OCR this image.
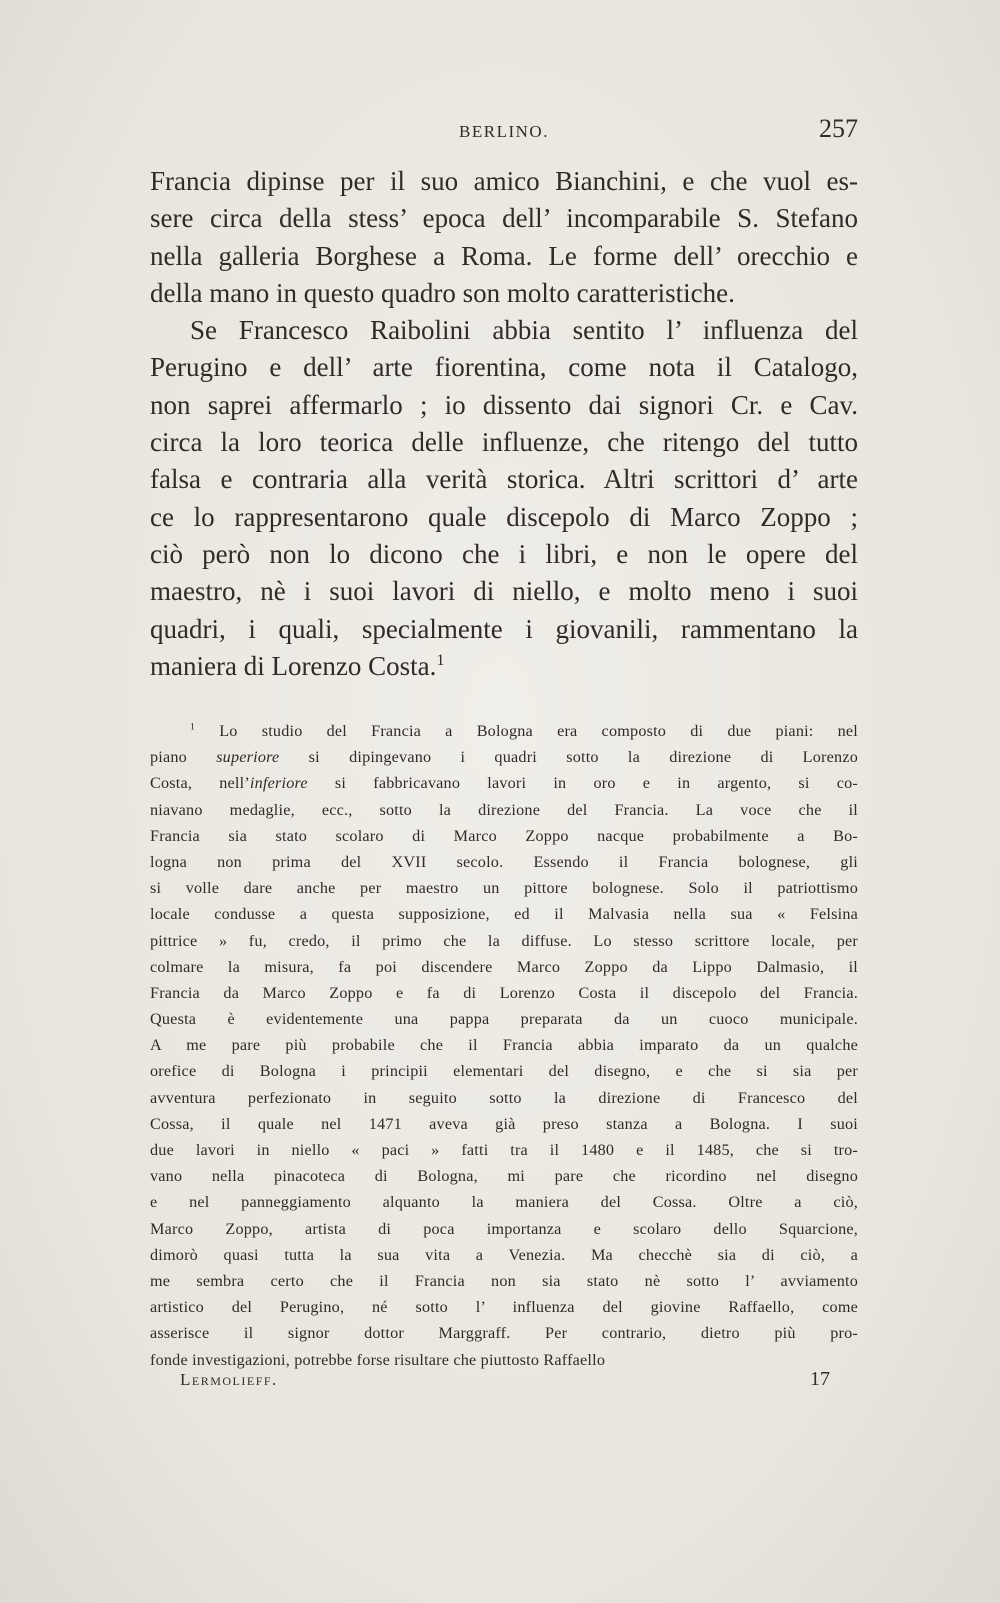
BERLINO.	257
Francia dipinse per il suo amico Bianchini, e che vuol es-
sere circa della stess’ epoca dell’ incomparabile S. Stefano
nella galleria Borghese a Roma. Le forme dell’ orecchio e
della mano in questo quadro son molto caratteristiche.
Se Francesco Raibolini abbia sentito l’ influenza del
Perugino e dell’ arte fiorentina, come nota il Catalogo,
non saprei affermarlo ; io dissento dai signori Cr. e Cav.
circa la loro teorica delle influenze, che ritengo del tutto
falsa e contraria alla verità storica. Altri scrittori d’ arte
ce lo rappresentarono quale discepolo di Marco Zoppo ;
ciò però non lo dicono che i libri, e non le opere del
maestro, nè i suoi lavori di niello, e molto meno i suoi
quadri, i quali, specialmente i giovanili, rammentano la
maniera di Lorenzo Costa.$^1$
$^1$ Lo studio del Francia a Bologna era composto di due piani: nel
piano superiore si dipingevano i quadri sotto la direzione di Lorenzo
Costa, nell’inferiore si fabbricavano lavori in oro e in argento, si co-
niavano medaglie, ecc., sotto la direzione del Francia. La voce che il
Francia sia stato scolaro di Marco Zoppo nacque probabilmente a Bo-
logna non prima del XVII secolo. Essendo il Francia bolognese, gli
si volle dare anche per maestro un pittore bolognese. Solo il patriottismo
locale condusse a questa supposizione, ed il Malvasia nella sua « Felsina
pittrice » fu, credo, il primo che la diffuse. Lo stesso scrittore locale, per
colmare la misura, fa poi discendere Marco Zoppo da Lippo Dalmasio, il
Francia da Marco Zoppo e fa di Lorenzo Costa il discepolo del Francia.
Questa è evidentemente una pappa preparata da un cuoco municipale.
A me pare più probabile che il Francia abbia imparato da un qualche
orefice di Bologna i principii elementari del disegno, e che si sia per
avventura perfezionato in seguito sotto la direzione di Francesco del
Cossa, il quale nel 1471 aveva già preso stanza a Bologna. I suoi
due lavori in niello « paci » fatti tra il 1480 e il 1485, che si tro-
vano nella pinacoteca di Bologna, mi pare che ricordino nel disegno
e nel panneggiamento alquanto la maniera del Cossa. Oltre a ciò,
Marco Zoppo, artista di poca importanza e scolaro dello Squarcione,
dimorò quasi tutta la sua vita a Venezia. Ma checchè sia di ciò, a
me sembra certo che il Francia non sia stato nè sotto l’ avviamento
artistico del Perugino, né sotto l’ influenza del giovine Raffaello, come
asserisce il signor dottor Marggraff. Per contrario, dietro più pro-
fonde investigazioni, potrebbe forse risultare che piuttosto Raffaello
Lermolieff.	17
